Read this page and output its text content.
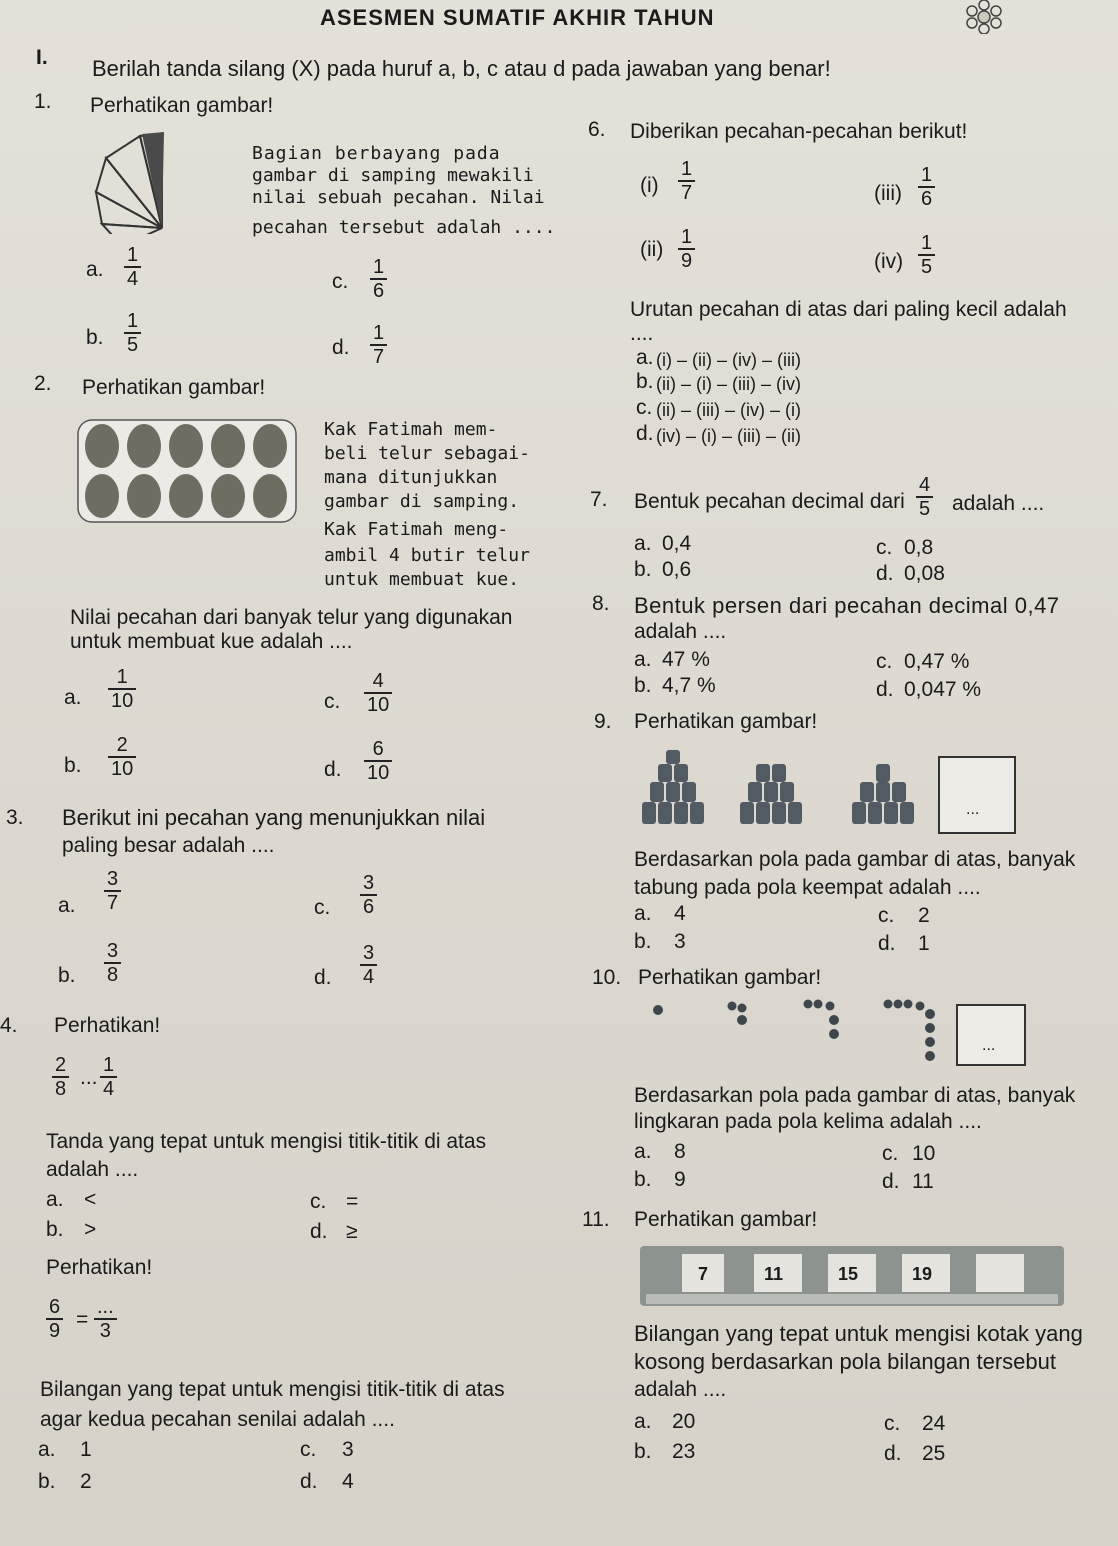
ASESMEN SUMATIF AKHIR TAHUN
I. Berilah tanda silang (X) pada huruf a, b, c atau d pada jawaban yang benar!
1. Perhatikan gambar!
Bagian berbayang pada
gambar di samping mewakili
nilai sebuah pecahan. Nilai
pecahan tersebut adalah ....
a. $\frac{1}{4}$
b. $\frac{1}{5}$
c. $\frac{1}{6}$
d. $\frac{1}{7}$
2. Perhatikan gambar!
Kak Fatimah mem-
beli telur sebagai-
mana ditunjukkan
gambar di samping.
Kak Fatimah meng-
ambil 4 butir telur
untuk membuat kue.
Nilai pecahan dari banyak telur yang digunakan
untuk membuat kue adalah ....
a. $\frac{1}{10}$
b. $\frac{2}{10}$
c. $\frac{4}{10}$
d. $\frac{6}{10}$
3. Berikut ini pecahan yang menunjukkan nilai
paling besar adalah ....
a. $\frac{3}{7}$
b. $\frac{3}{8}$
c. $\frac{3}{6}$
d. $\frac{3}{4}$
4. Perhatikan!
$\frac{2}{8}$ ... $\frac{1}{4}$
Tanda yang tepat untuk mengisi titik-titik di atas
adalah ....
a. <
b. >
c. =
d. ≥
Perhatikan!
$\frac{6}{9}$ =
...
3
Bilangan yang tepat untuk mengisi titik-titik di atas
agar kedua pecahan senilai adalah ....
a. 1
b. 2
c. 3
d. 4
6. Diberikan pecahan-pecahan berikut!
$(i) \frac{1}{7}$
$(ii) \frac{1}{9}$
$(iii) \frac{1}{6}$
$(iv) \frac{1}{5}$
Urutan pecahan di atas dari paling kecil adalah
....
a. (i) – (ii) – (iv) – (iii)
b. (ii) – (i) – (iii) – (iv)
c. (ii) – (iii) – (iv) – (i)
d. (iv) – (i) – (iii) – (ii)
7. Bentuk pecahan decimal dari $\frac{4}{5}$ adalah ....
a. 0,4
b. 0,6
c. 0,8
d. 0,08
8. Bentuk persen dari pecahan decimal 0,47
adalah ....
a. 47 %
b. 4,7 %
c. 0,47 %
d. 0,047 %
9. Perhatikan gambar!
...
Berdasarkan pola pada gambar di atas, banyak
tabung pada pola keempat adalah ....
a. 4
b. 3
c. 2
d. 1
10. Perhatikan gambar!
...
Berdasarkan pola pada gambar di atas, banyak
lingkaran pada pola kelima adalah ....
a. 8
b. 9
c. 10
d. 11
11. Perhatikan gambar!
7	11	15	19
Bilangan yang tepat untuk mengisi kotak yang
kosong berdasarkan pola bilangan tersebut
adalah ....
a. 20
b. 23
c. 24
d. 25
